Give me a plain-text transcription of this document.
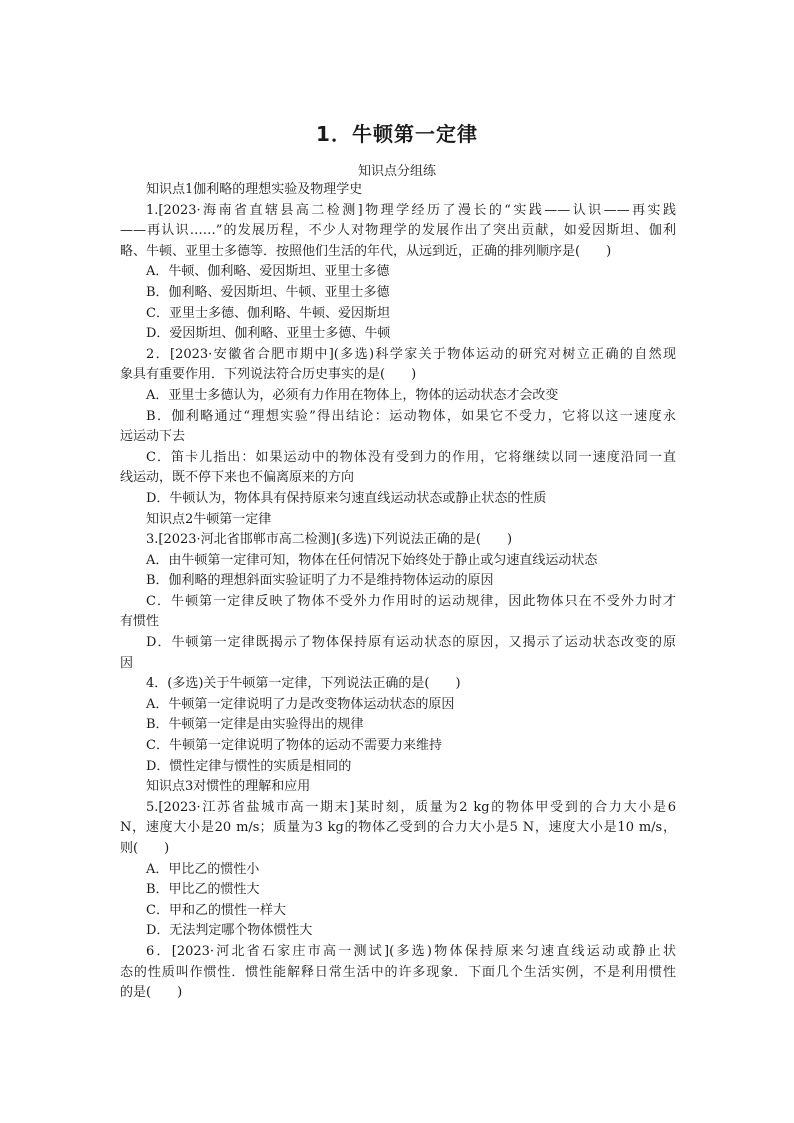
1．牛顿第一定律
知识点分组练
知识点1伽利略的理想实验及物理学史
1.[2023·海南省直辖县高二检测]物理学经历了漫长的“实践——认识——再实践
——再认识……”的发展历程，不少人对物理学的发展作出了突出贡献，如爱因斯坦、伽利
略、牛顿、亚里士多德等．按照他们生活的年代，从远到近，正确的排列顺序是(　　)
A．牛顿、伽利略、爱因斯坦、亚里士多德
B．伽利略、爱因斯坦、牛顿、亚里士多德
C．亚里士多德、伽利略、牛顿、爱因斯坦
D．爱因斯坦、伽利略、亚里士多德、牛顿
2．[2023·安徽省合肥市期中](多选)科学家关于物体运动的研究对树立正确的自然现
象具有重要作用．下列说法符合历史事实的是(　　)
A．亚里士多德认为，必须有力作用在物体上，物体的运动状态才会改变
B．伽利略通过“理想实验”得出结论：运动物体，如果它不受力，它将以这一速度永
远运动下去
C．笛卡儿指出：如果运动中的物体没有受到力的作用，它将继续以同一速度沿同一直
线运动，既不停下来也不偏离原来的方向
D．牛顿认为，物体具有保持原来匀速直线运动状态或静止状态的性质
知识点2牛顿第一定律
3.[2023·河北省邯郸市高二检测](多选)下列说法正确的是(　　)
A．由牛顿第一定律可知，物体在任何情况下始终处于静止或匀速直线运动状态
B．伽利略的理想斜面实验证明了力不是维持物体运动的原因
C．牛顿第一定律反映了物体不受外力作用时的运动规律，因此物体只在不受外力时才
有惯性
D．牛顿第一定律既揭示了物体保持原有运动状态的原因，又揭示了运动状态改变的原
因
4．(多选)关于牛顿第一定律，下列说法正确的是(　　)
A．牛顿第一定律说明了力是改变物体运动状态的原因
B．牛顿第一定律是由实验得出的规律
C．牛顿第一定律说明了物体的运动不需要力来维持
D．惯性定律与惯性的实质是相同的
知识点3对惯性的理解和应用
5.[2023·江苏省盐城市高一期末]某时刻，质量为2 kg的物体甲受到的合力大小是6
N，速度大小是20 m/s；质量为3 kg的物体乙受到的合力大小是5 N，速度大小是10 m/s，
则(　　)
A．甲比乙的惯性小
B．甲比乙的惯性大
C．甲和乙的惯性一样大
D．无法判定哪个物体惯性大
6．[2023·河北省石家庄市高一测试](多选)物体保持原来匀速直线运动或静止状
态的性质叫作惯性．惯性能解释日常生活中的许多现象．下面几个生活实例，不是利用惯性
的是(　　)
